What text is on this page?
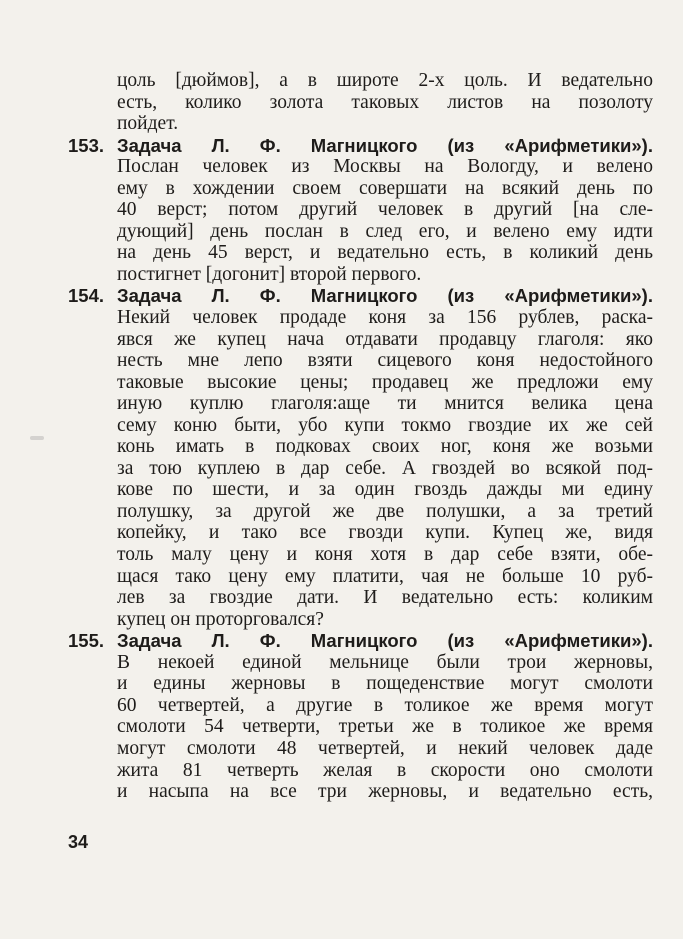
цоль [дюймов], а в широте 2-х цоль. И ведательно
есть, колико золота таковых листов на позолоту
пойдет.
153. Задача Л. Ф. Магницкого (из «Арифметики»).
Послан человек из Москвы на Вологду, и велено
ему в хождении своем совершати на всякий день по
40 верст; потом другий человек в другий [на сле-
дующий] день послан в след его, и велено ему идти
на день 45 верст, и ведательно есть, в коликий день
постигнет [догонит] второй первого.
154. Задача Л. Ф. Магницкого (из «Арифметики»).
Некий человек продаде коня за 156 рублев, раска-
явся же купец нача отдавати продавцу глаголя: яко
несть мне лепо взяти сицевого коня недостойного
таковые высокие цены; продавец же предложи ему
иную куплю глаголя:аще ти мнится велика цена
сему коню быти, убо купи токмо гвоздие их же сей
конь имать в подковах своих ног, коня же возьми
за тою куплею в дар себе. А гвоздей во всякой под-
кове по шести, и за один гвоздь дажды ми едину
полушку, за другой же две полушки, а за третий
копейку, и тако все гвозди купи. Купец же, видя
толь малу цену и коня хотя в дар себе взяти, обе-
щася тако цену ему платити, чая не больше 10 руб-
лев за гвоздие дати. И ведательно есть: коликим
купец он проторговался?
155. Задача Л. Ф. Магницкого (из «Арифметики»).
В некоей единой мельнице были трои жерновы,
и едины жерновы в пощеденствие могут смолоти
60 четвертей, а другие в толикое же время могут
смолоти 54 четверти, третьи же в толикое же время
могут смолоти 48 четвертей, и некий человек даде
жита 81 четверть желая в скорости оно смолоти
и насыпа на все три жерновы, и ведательно есть,
34
